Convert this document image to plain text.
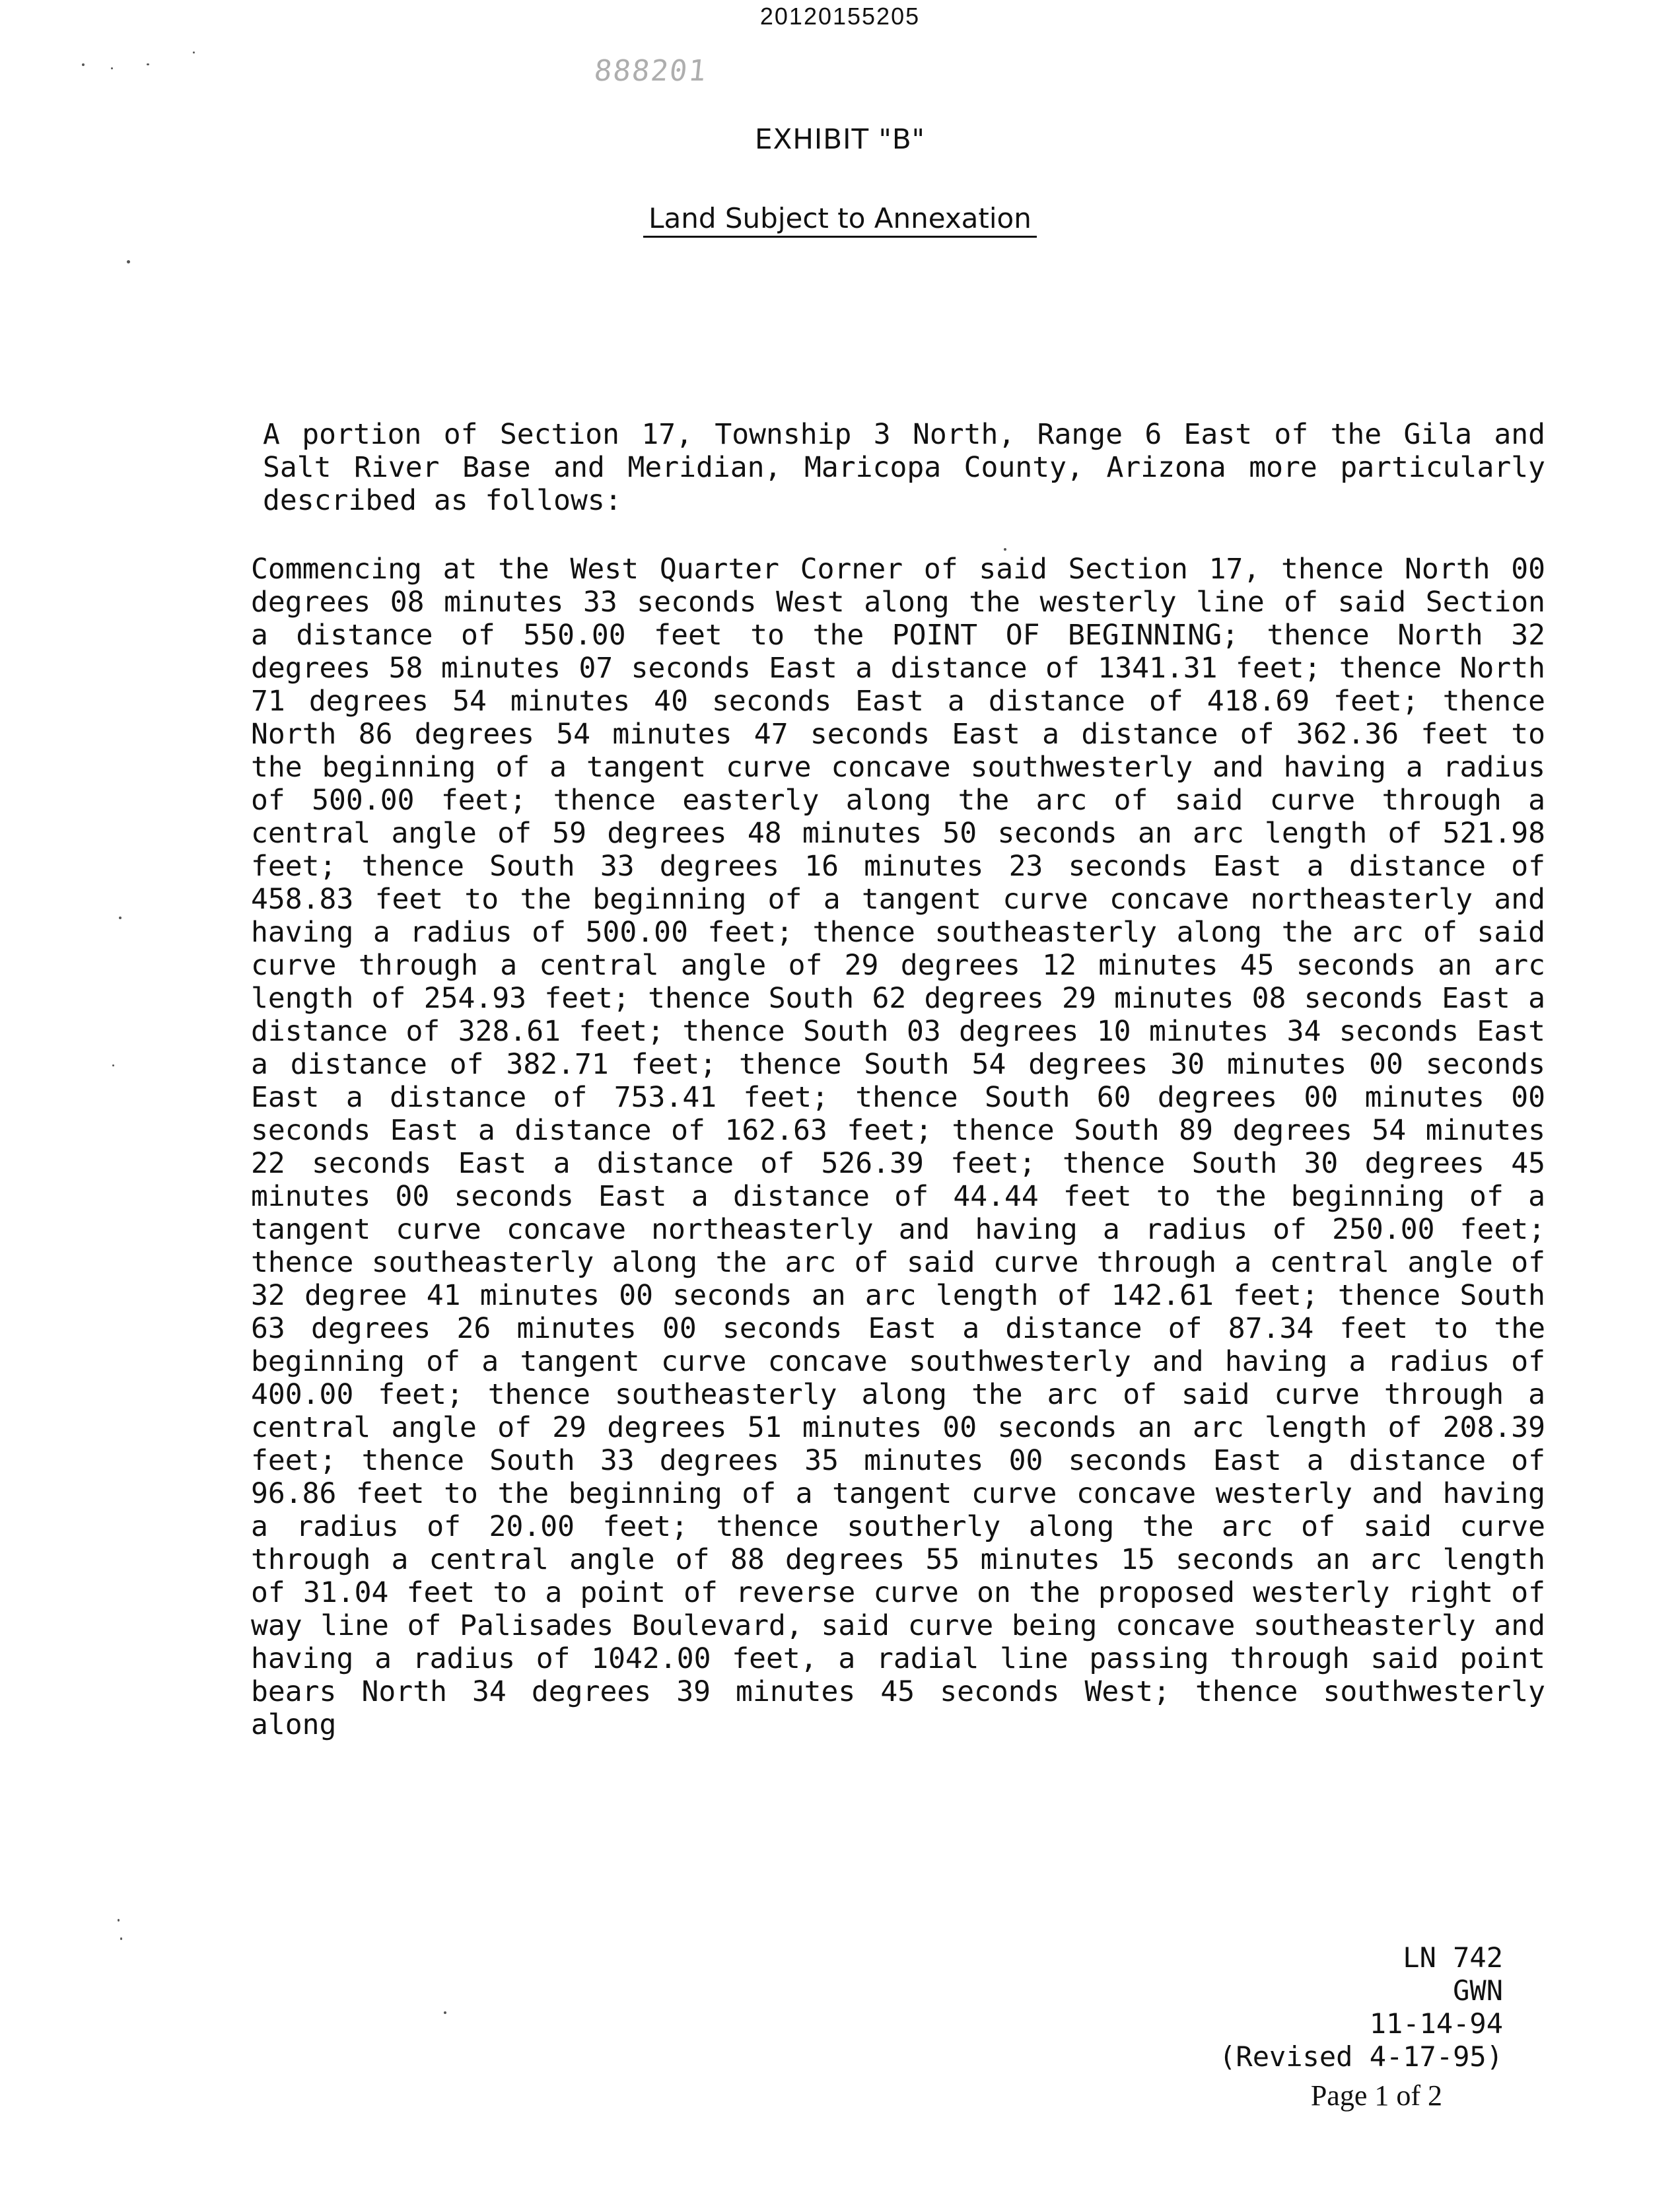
20120155205
888201
EXHIBIT "B"
Land Subject to Annexation
A portion of Section 17, Township 3 North, Range 6 East of the Gila and Salt River Base and Meridian, Maricopa County, Arizona more particularly described as follows:
Commencing at the West Quarter Corner of said Section 17, thence North 00 degrees 08 minutes 33 seconds West along the westerly line of said Section a distance of 550.00 feet to the POINT OF BEGINNING; thence North 32 degrees 58 minutes 07 seconds East a distance of 1341.31 feet; thence North 71 degrees 54 minutes 40 seconds East a distance of 418.69 feet; thence North 86 degrees 54 minutes 47 seconds East a distance of 362.36 feet to the beginning of a tangent curve concave southwesterly and having a radius of 500.00 feet; thence easterly along the arc of said curve through a central angle of 59 degrees 48 minutes 50 seconds an arc length of 521.98 feet; thence South 33 degrees 16 minutes 23 seconds East a distance of 458.83 feet to the beginning of a tangent curve concave northeasterly and having a radius of 500.00 feet; thence southeasterly along the arc of said curve through a central angle of 29 degrees 12 minutes 45 seconds an arc length of 254.93 feet; thence South 62 degrees 29 minutes 08 seconds East a distance of 328.61 feet; thence South 03 degrees 10 minutes 34 seconds East a distance of 382.71 feet; thence South 54 degrees 30 minutes 00 seconds East a distance of 753.41 feet; thence South 60 degrees 00 minutes 00 seconds East a distance of 162.63 feet; thence South 89 degrees 54 minutes 22 seconds East a distance of 526.39 feet; thence South 30 degrees 45 minutes 00 seconds East a distance of 44.44 feet to the beginning of a tangent curve concave northeasterly and having a radius of 250.00 feet; thence southeasterly along the arc of said curve through a central angle of 32 degree 41 minutes 00 seconds an arc length of 142.61 feet; thence South 63 degrees 26 minutes 00 seconds East a distance of 87.34 feet to the beginning of a tangent curve concave southwesterly and having a radius of 400.00 feet; thence southeasterly along the arc of said curve through a central angle of 29 degrees 51 minutes 00 seconds an arc length of 208.39 feet; thence South 33 degrees 35 minutes 00 seconds East a distance of 96.86 feet to the beginning of a tangent curve concave westerly and having a radius of 20.00 feet; thence southerly along the arc of said curve through a central angle of 88 degrees 55 minutes 15 seconds an arc length of 31.04 feet to a point of reverse curve on the proposed westerly right of way line of Palisades Boulevard, said curve being concave southeasterly and having a radius of 1042.00 feet, a radial line passing through said point bears North 34 degrees 39 minutes 45 seconds West; thence southwesterly along
LN 742
GWN
11-14-94
(Revised 4-17-95)
Page 1 of 2
